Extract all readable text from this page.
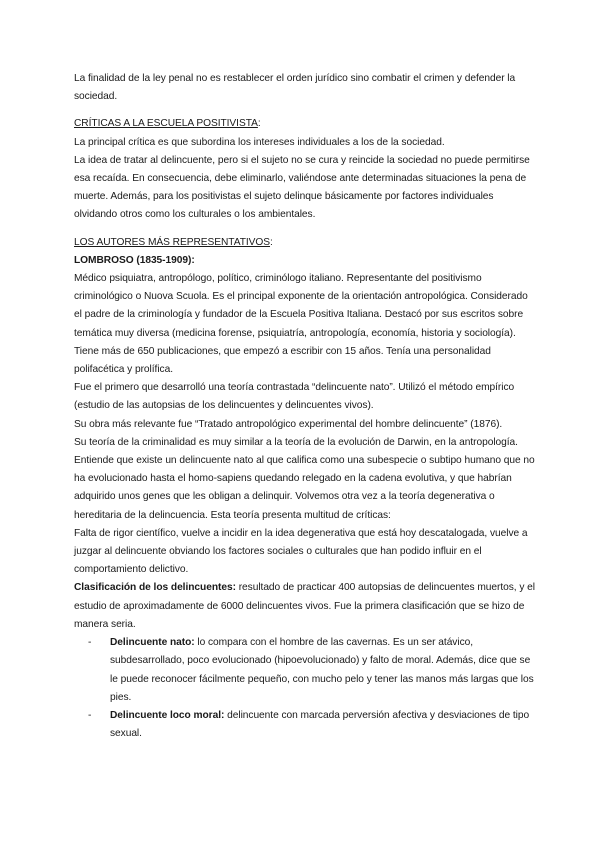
La finalidad de la ley penal no es restablecer el orden jurídico sino combatir el crimen y defender la sociedad.

CRÍTICAS A LA ESCUELA POSITIVISTA:

La principal crítica es que subordina los intereses individuales a los de la sociedad.

La idea de tratar al delincuente, pero si el sujeto no se cura y reincide la sociedad no puede permitirse esa recaída. En consecuencia, debe eliminarlo, valiéndose ante determinadas situaciones la pena de muerte. Además, para los positivistas el sujeto delinque básicamente por factores individuales olvidando otros como los culturales o los ambientales.

LOS AUTORES MÁS REPRESENTATIVOS:

LOMBROSO (1835-1909):

Médico psiquiatra, antropólogo, político, criminólogo italiano. Representante del positivismo criminológico o Nuova Scuola. Es el principal exponente de la orientación antropológica. Considerado el padre de la criminología y fundador de la Escuela Positiva Italiana. Destacó por sus escritos sobre temática muy diversa (medicina forense, psiquiatría, antropología, economía, historia y sociología).

Tiene más de 650 publicaciones, que empezó a escribir con 15 años. Tenía una personalidad polifacética y prolífica.

Fue el primero que desarrolló una teoría contrastada “delincuente nato”. Utilizó el método empírico (estudio de las autopsias de los delincuentes y delincuentes vivos).

Su obra más relevante fue “Tratado antropológico experimental del hombre delincuente” (1876).

Su teoría de la criminalidad es muy similar a la teoría de la evolución de Darwin, en la antropología. Entiende que existe un delincuente nato al que califica como una subespecie o subtipo humano que no ha evolucionado hasta el homo-sapiens quedando relegado en la cadena evolutiva, y que habrían adquirido unos genes que les obligan a delinquir. Volvemos otra vez a la teoría degenerativa o hereditaria de la delincuencia. Esta teoría presenta multitud de críticas:

Falta de rigor científico, vuelve a incidir en la idea degenerativa que está hoy descatalogada, vuelve a juzgar al delincuente obviando los factores sociales o culturales que han podido influir en el comportamiento delictivo.

Clasificación de los delincuentes: resultado de practicar 400 autopsias de delincuentes muertos, y el estudio de aproximadamente de 6000 delincuentes vivos. Fue la primera clasificación que se hizo de manera seria.

- Delincuente nato: lo compara con el hombre de las cavernas. Es un ser atávico, subdesarrollado, poco evolucionado (hipoevolucionado) y falto de moral. Además, dice que se le puede reconocer fácilmente pequeño, con mucho pelo y tener las manos más largas que los pies.
- Delincuente loco moral: delincuente con marcada perversión afectiva y desviaciones de tipo sexual.
